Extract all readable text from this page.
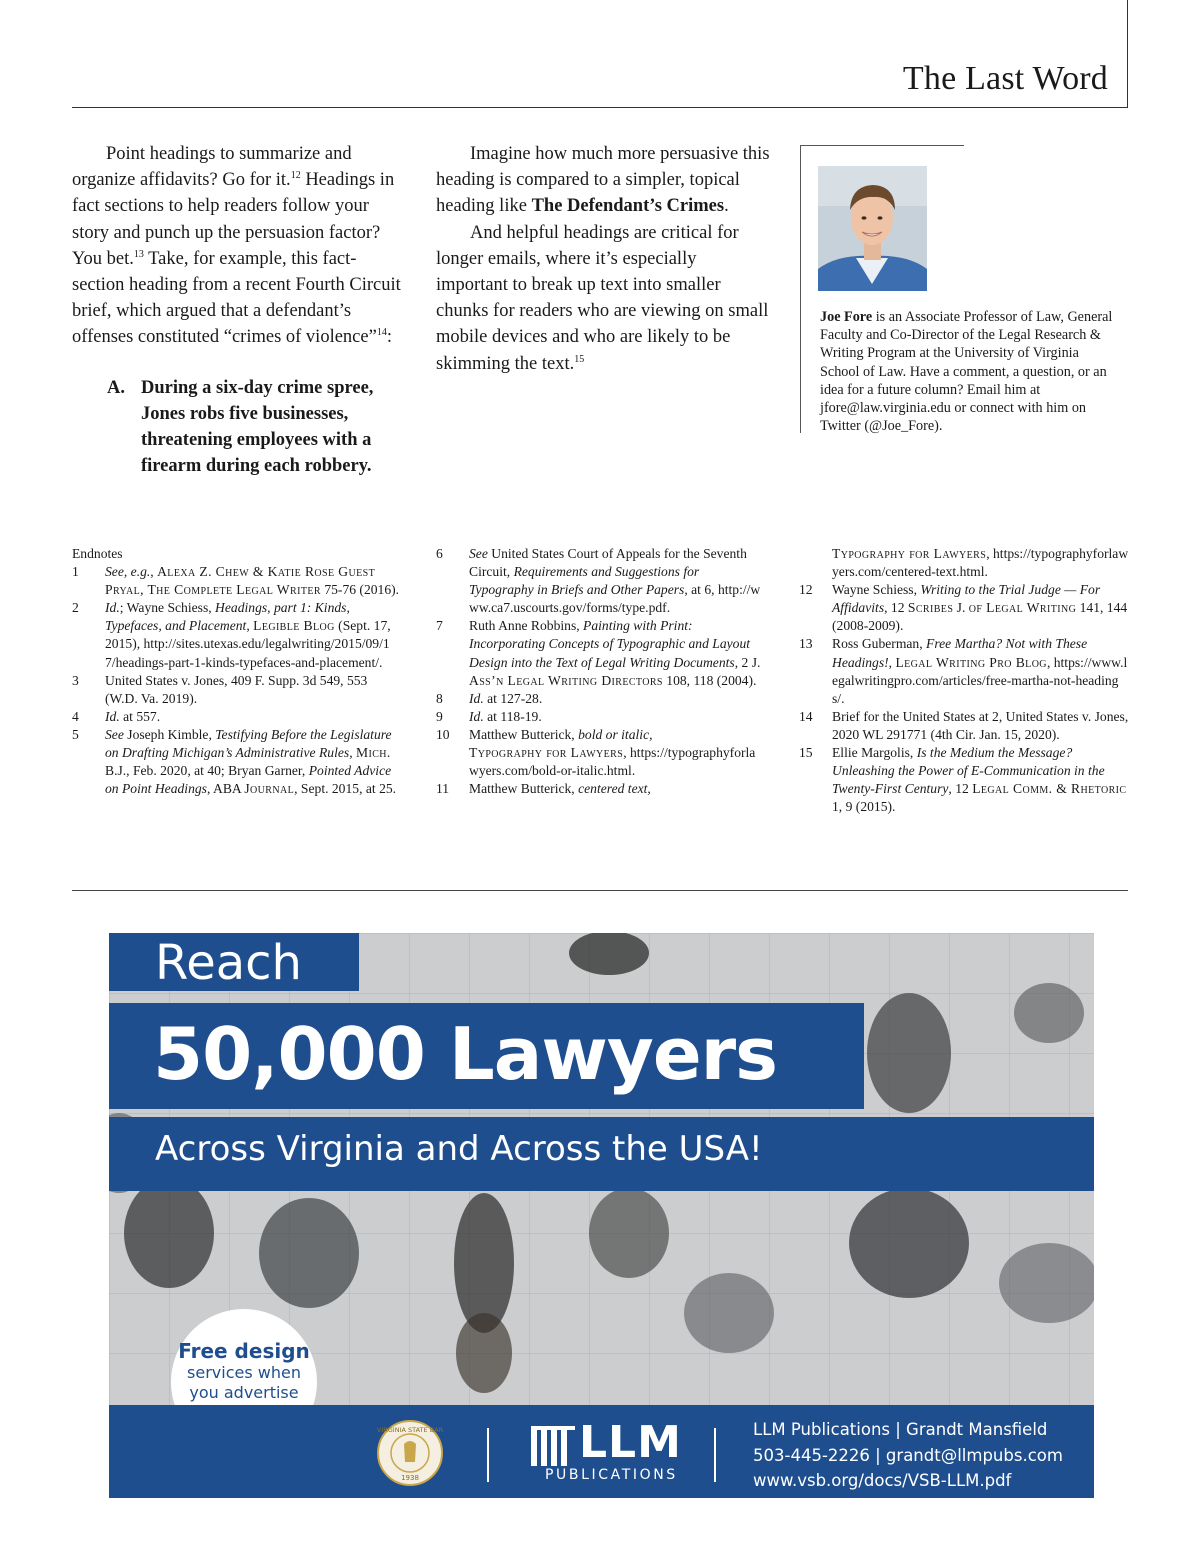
The Last Word

Point headings to summarize and organize affidavits? Go for it.$^{12}$ Headings in fact sections to help readers follow your story and punch up the persuasion factor? You bet.$^{13}$ Take, for example, this fact-section heading from a recent Fourth Circuit brief, which argued that a defendant’s offenses constituted “crimes of violence”$^{14}$:

A. During a six-day crime spree, Jones robs five businesses, threatening employees with a firearm during each robbery.

Imagine how much more persuasive this heading is compared to a simpler, topical heading like The Defendant’s Crimes.

And helpful headings are critical for longer emails, where it’s especially important to break up text into smaller chunks for readers who are viewing on small mobile devices and who are likely to be skimming the text.$^{15}$

Joe Fore is an Associate Professor of Law, General Faculty and Co-Director of the Legal Research & Writing Program at the University of Virginia School of Law. Have a comment, a question, or an idea for a future column? Email him at jfore@law.virginia.edu or connect with him on Twitter (@Joe_Fore).
Endnotes
1	See, e.g., Alexa Z. Chew & Katie Rose Guest Pryal, The Complete Legal Writer 75-76 (2016).
2	Id.; Wayne Schiess, Headings, part 1: Kinds, Typefaces, and Placement, Legible Blog (Sept. 17, 2015), http://sites.utexas.edu/legalwriting/2015/09/17/headings-part-1-kinds-typefaces-and-placement/.
3	United States v. Jones, 409 F. Supp. 3d 549, 553 (W.D. Va. 2019).
4	Id. at 557.
5	See Joseph Kimble, Testifying Before the Legislature on Drafting Michigan’s Administrative Rules, Mich. B.J., Feb. 2020, at 40; Bryan Garner, Pointed Advice on Point Headings, ABA Journal, Sept. 2015, at 25.
6	See United States Court of Appeals for the Seventh Circuit, Requirements and Suggestions for Typography in Briefs and Other Papers, at 6, http://www.ca7.uscourts.gov/forms/type.pdf.
7	Ruth Anne Robbins, Painting with Print: Incorporating Concepts of Typographic and Layout Design into the Text of Legal Writing Documents, 2 J. Ass’n Legal Writing Directors 108, 118 (2004).
8	Id. at 127-28.
9	Id. at 118-19.
10	Matthew Butterick, bold or italic,
Typography for Lawyers, https://typographyforlawyers.com/bold-or-italic.html.
11	Matthew Butterick, centered text,
Typography for Lawyers, https://typographyforlawyers.com/centered-text.html.
12	Wayne Schiess, Writing to the Trial Judge — For Affidavits, 12 Scribes J. of Legal Writing 141, 144 (2008-2009).
13	Ross Guberman, Free Martha? Not with These Headings!, Legal Writing Pro Blog, https://www.legalwritingpro.com/articles/free-martha-not-headings/.
14	Brief for the United States at 2, United States v. Jones, 2020 WL 291771 (4th Cir. Jan. 15, 2020).
15	Ellie Margolis, Is the Medium the Message? Unleashing the Power of E-Communication in the Twenty-First Century, 12 Legal Comm. & Rhetoric 1, 9 (2015).
Reach
50,000 Lawyers
Across Virginia and Across the USA!
Free design
services when
you advertise
VIRGINIA STATE BAR
1938
LLM
PUBLICATIONS
LLM Publications | Grandt Mansfield
503-445-2226 | grandt@llmpubs.com
www.vsb.org/docs/VSB-LLM.pdf
